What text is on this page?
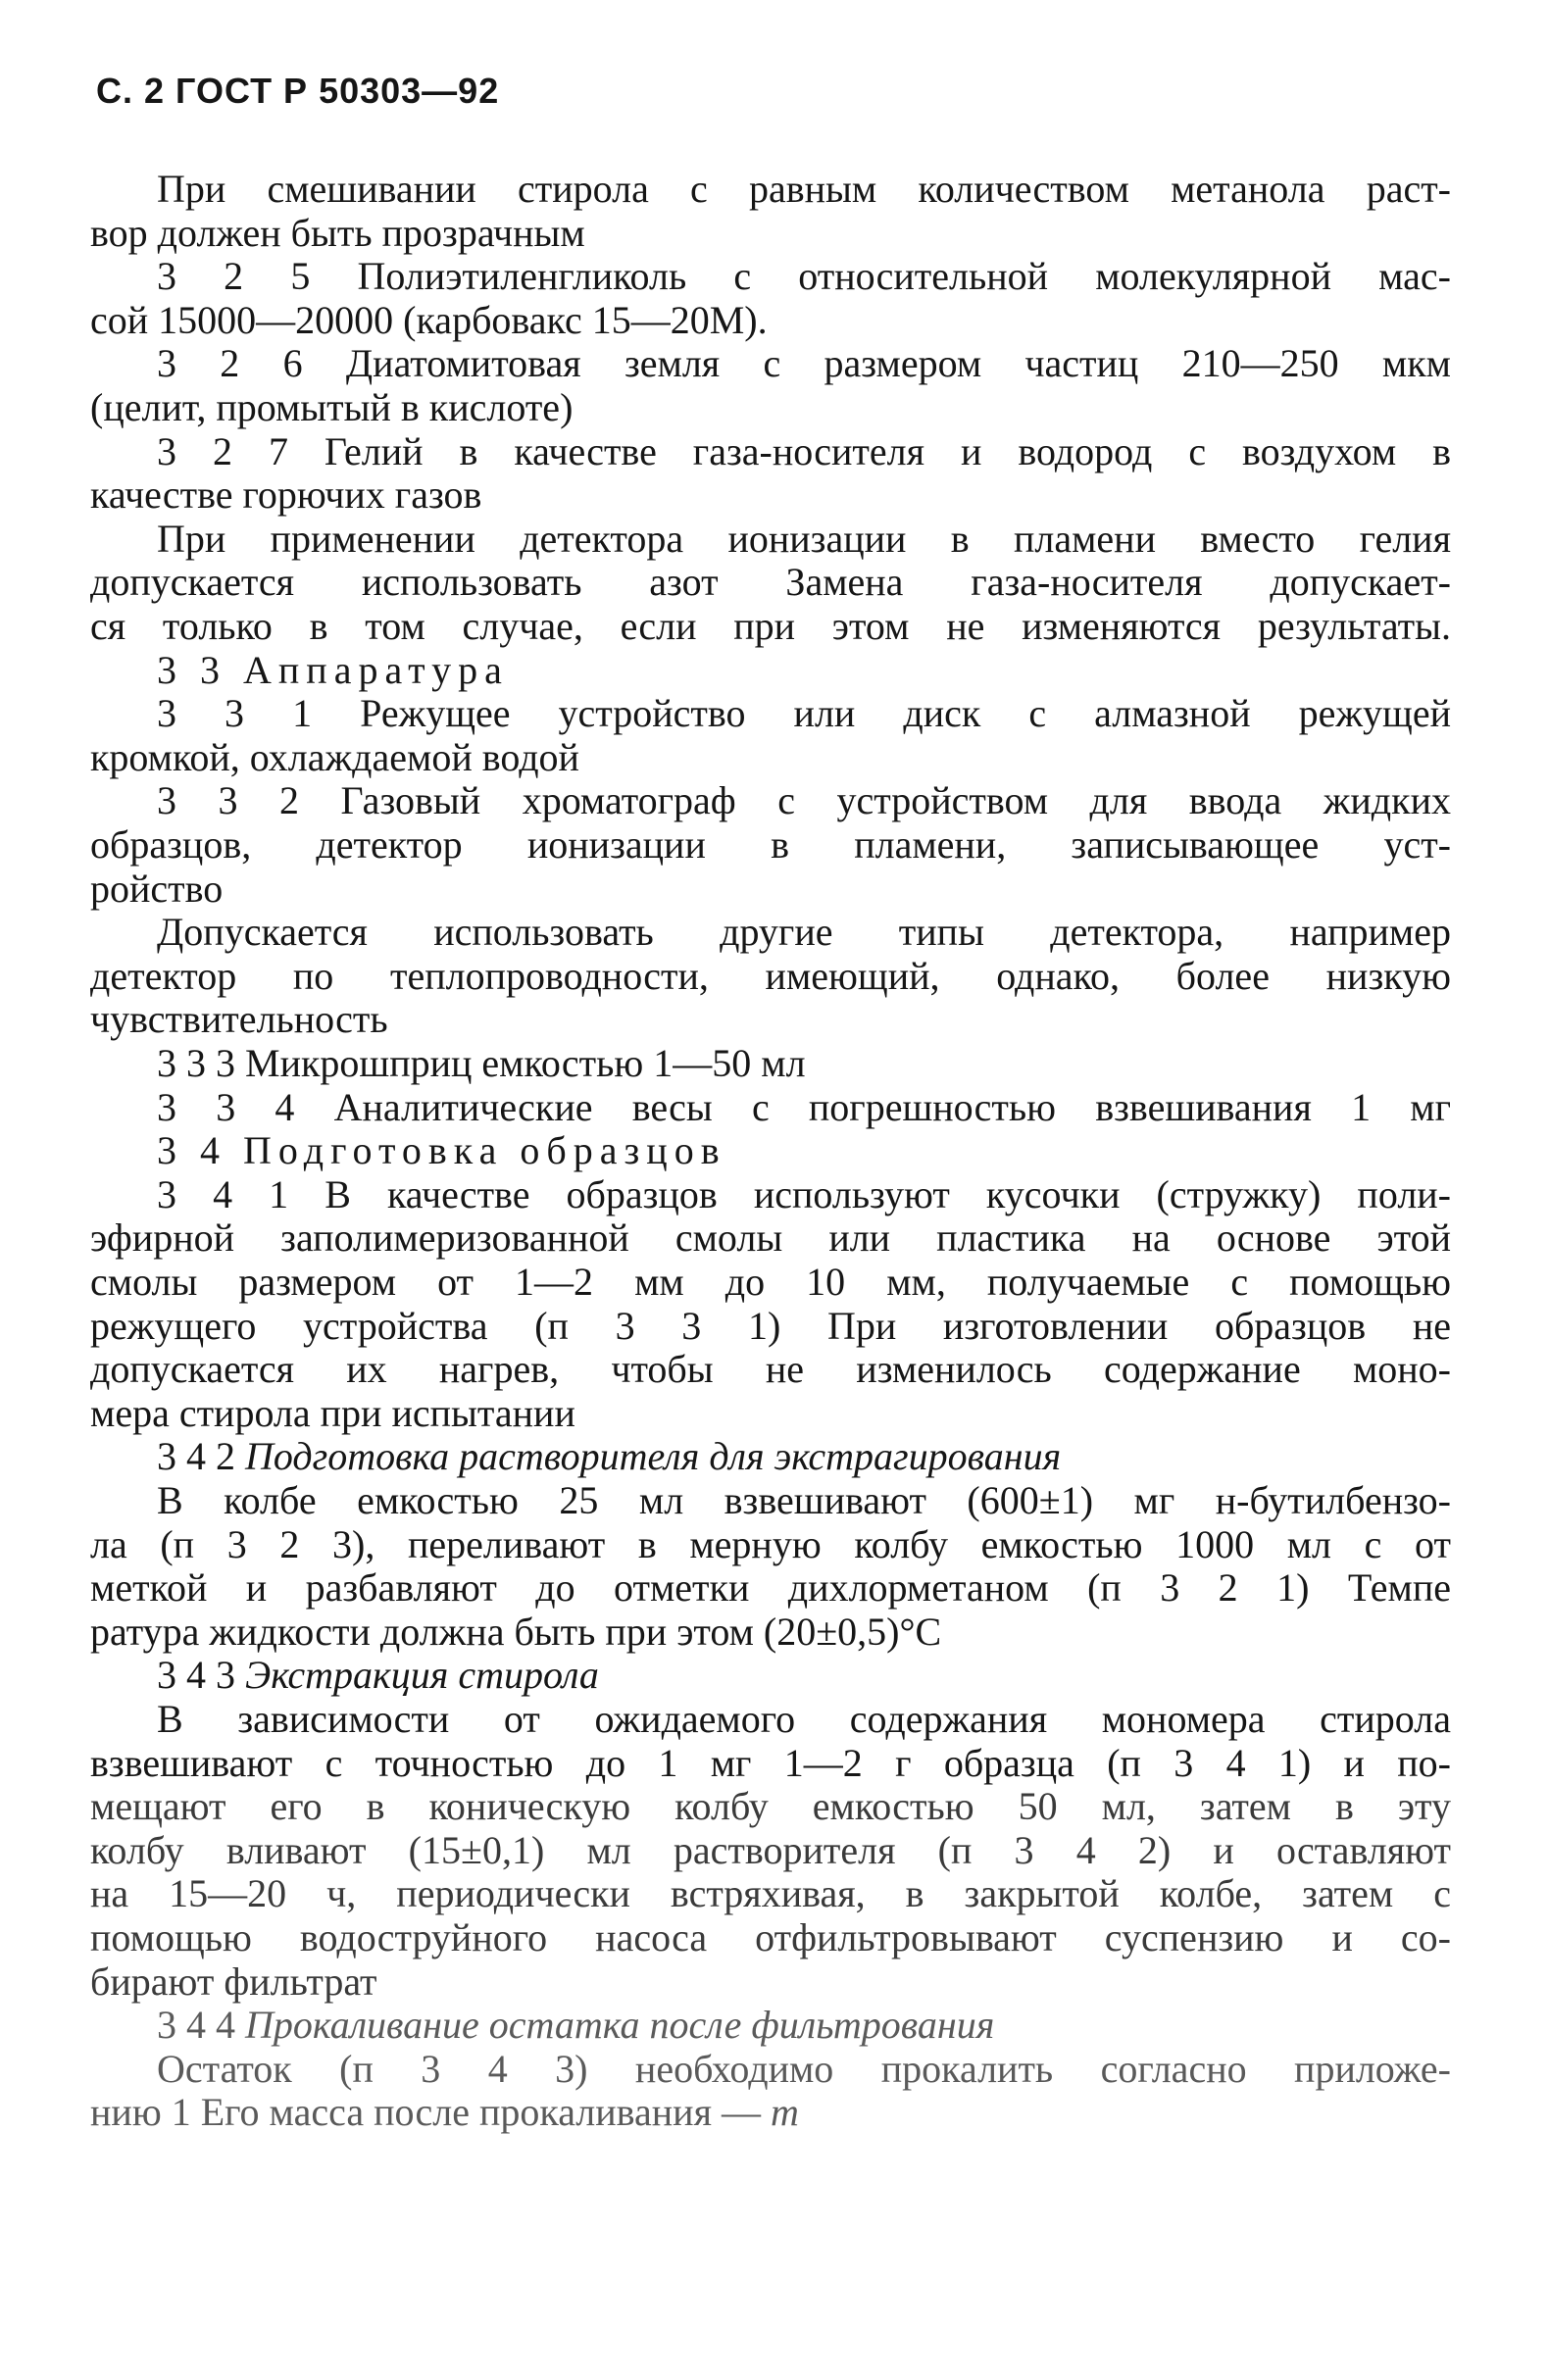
С. 2 ГОСТ Р 50303—92
При смешивании стирола с равным количеством метанола раст-
вор должен быть прозрачным
3 2 5 Полиэтиленгликоль с относительной молекулярной мас-
сой 15000—20000 (карбовакс 15—20М).
3 2 6 Диатомитовая земля с размером частиц 210—250 мкм
(целит, промытый в кислоте)
3 2 7 Гелий в качестве газа-носителя и водород с воздухом в
качестве горючих газов
При применении детектора ионизации в пламени вместо гелия
допускается использовать азот Замена газа-носителя допускает-
ся только в том случае, если при этом не изменяются результаты.
3 3 Аппаратура
3 3 1 Режущее устройство или диск с алмазной режущей
кромкой, охлаждаемой водой
3 3 2 Газовый хроматограф с устройством для ввода жидких
образцов, детектор ионизации в пламени, записывающее уст-
ройство
Допускается использовать другие типы детектора, например
детектор по теплопроводности, имеющий, однако, более низкую
чувствительность
3 3 3 Микрошприц емкостью 1—50 мл
3 3 4 Аналитические весы с погрешностью взвешивания 1 мг
3 4 Подготовка образцов
3 4 1 В качестве образцов используют кусочки (стружку) поли-
эфирной заполимеризованной смолы или пластика на основе этой
смолы размером от 1—2 мм до 10 мм, получаемые с помощью
режущего устройства (п 3 3 1) При изготовлении образцов не
допускается их нагрев, чтобы не изменилось содержание моно-
мера стирола при испытании
3 4 2 Подготовка растворителя для экстрагирования
В колбе емкостью 25 мл взвешивают (600±1) мг н-бутилбензо-
ла (п 3 2 3), переливают в мерную колбу емкостью 1000 мл с от
меткой и разбавляют до отметки дихлорметаном (п 3 2 1) Темпе
ратура жидкости должна быть при этом (20±0,5)°С
3 4 3 Экстракция стирола
В зависимости от ожидаемого содержания мономера стирола
взвешивают с точностью до 1 мг 1—2 г образца (п 3 4 1) и по-
мещают его в коническую колбу емкостью 50 мл, затем в эту
колбу вливают (15±0,1) мл растворителя (п 3 4 2) и оставляют
на 15—20 ч, периодически встряхивая, в закрытой колбе, затем с
помощью водоструйного насоса отфильтровывают суспензию и со-
бирают фильтрат
3 4 4 Прокаливание остатка после фильтрования
Остаток (п 3 4 3) необходимо прокалить согласно приложе-
нию 1 Его масса после прокаливания — m
